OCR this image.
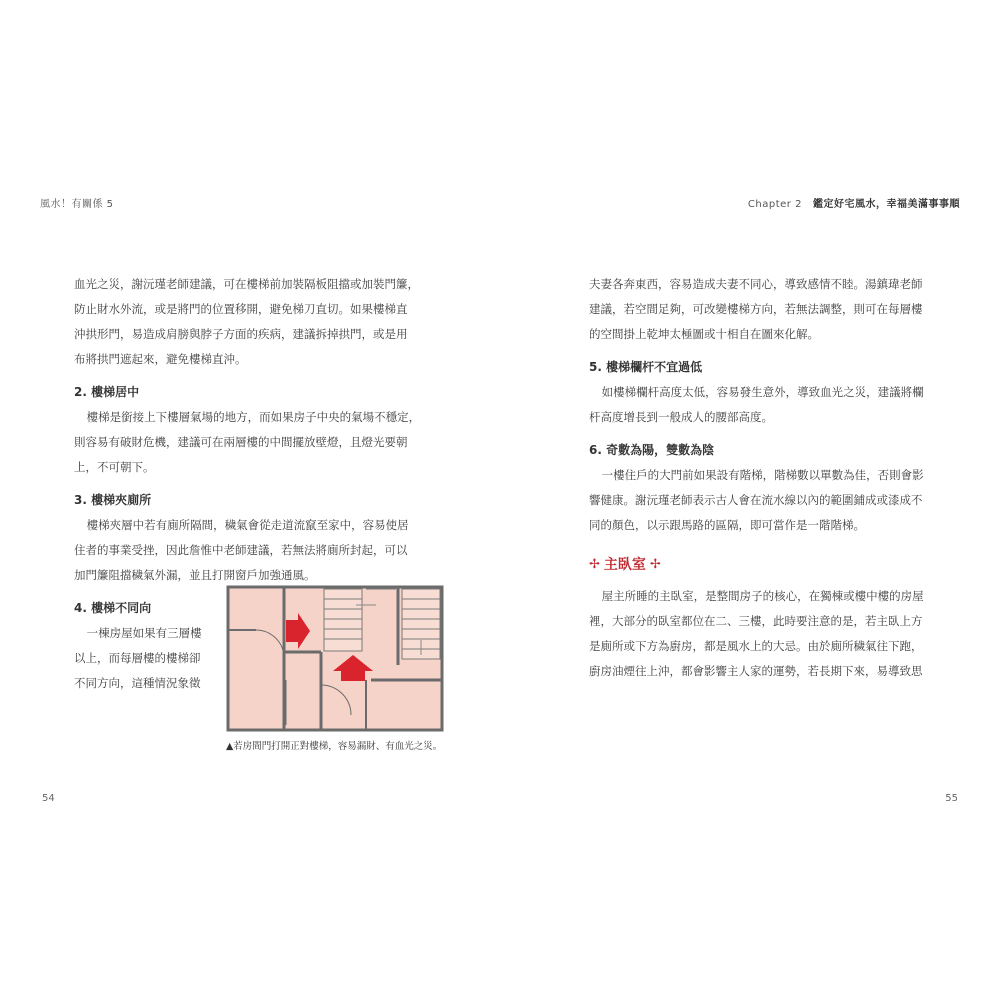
風水！有關係 5	Chapter 2 鑑定好宅風水，幸福美滿事事順

血光之災，謝沅瑾老師建議，可在樓梯前加裝隔板阻擋或加裝門簾，

防止財水外流，或是將門的位置移開，避免梯刀直切。如果樓梯直

沖拱形門，易造成肩膀與脖子方面的疾病，建議拆掉拱門，或是用

布將拱門遮起來，避免樓梯直沖。

2. 樓梯居中

樓梯是銜接上下樓層氣場的地方，而如果房子中央的氣場不穩定，

則容易有破財危機，建議可在兩層樓的中間擺放壁燈，且燈光要朝

上，不可朝下。

3. 樓梯夾廁所

樓梯夾層中若有廁所隔間，穢氣會從走道流竄至家中，容易使居

住者的事業受挫，因此詹惟中老師建議，若無法將廁所封起，可以

加門簾阻擋穢氣外漏，並且打開窗戶加強通風。

4. 樓梯不同向

一棟房屋如果有三層樓

以上，而每層樓的樓梯卻

不同方向，這種情況象徵

▲若房間門打開正對樓梯，容易漏財、有血光之災。

夫妻各奔東西，容易造成夫妻不同心，導致感情不睦。湯鎮瑋老師

建議，若空間足夠，可改變樓梯方向，若無法調整，則可在每層樓

的空間掛上乾坤太極圖或十相自在圖來化解。

5. 樓梯欄杆不宜過低

如樓梯欄杆高度太低，容易發生意外，導致血光之災，建議將欄

杆高度增長到一般成人的腰部高度。

6. 奇數為陽，雙數為陰

一樓住戶的大門前如果設有階梯，階梯數以單數為佳，否則會影

響健康。謝沅瑾老師表示古人會在流水線以內的範圍鋪成或漆成不

同的顏色，以示跟馬路的區隔，即可當作是一階階梯。

✢ 主臥室 ✢

屋主所睡的主臥室，是整間房子的核心，在獨棟或樓中樓的房屋

裡，大部分的臥室都位在二、三樓，此時要注意的是，若主臥上方

是廁所或下方為廚房，都是風水上的大忌。由於廁所穢氣往下跑，

廚房油煙往上沖，都會影響主人家的運勢，若長期下來，易導致思

54	55
